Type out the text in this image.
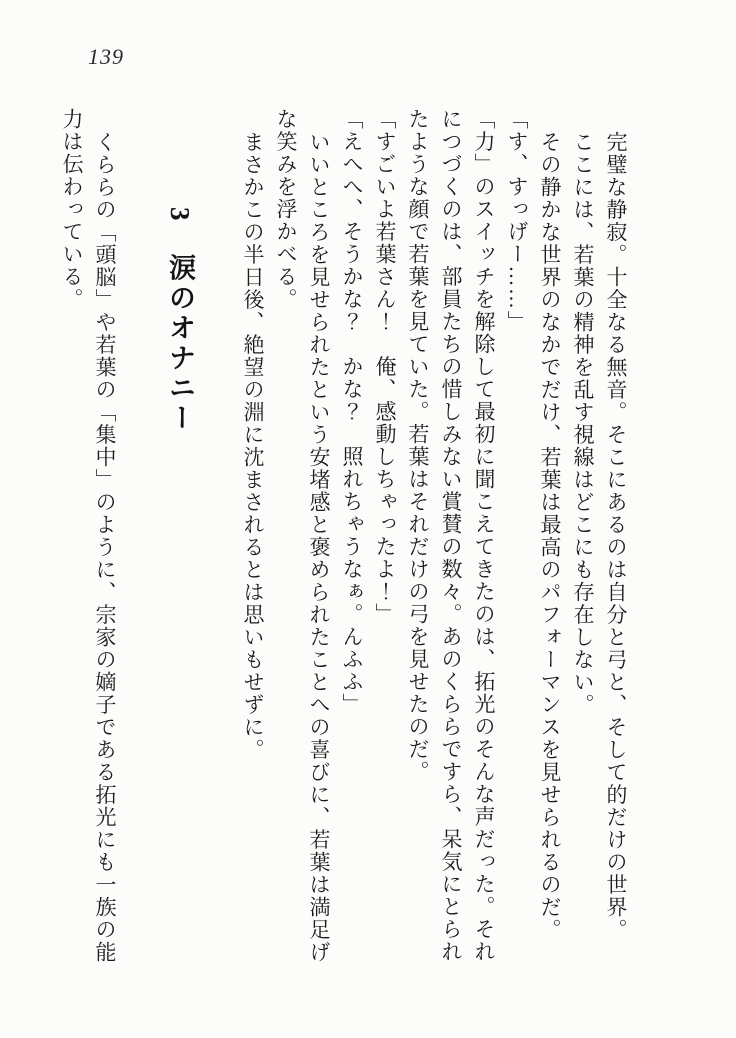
139

完璧な静寂。十全なる無音。そこにあるのは自分と弓と、そして的だけの世界。

ここには、若葉の精神を乱す視線はどこにも存在しない。

その静かな世界のなかでだけ、若葉は最高のパフォーマンスを見せられるのだ。

「す、すっげー……」

「力」のスイッチを解除して最初に聞こえてきたのは、拓光のそんな声だった。それにつづくのは、部員たちの惜しみない賞賛の数々。あのくららですら、呆気にとられたような顔で若葉を見ていた。若葉はそれだけの弓を見せたのだ。

「すごいよ若葉さん！　俺、感動しちゃったよ！」

「えへへ、そうかな？　かな？　照れちゃうなぁ。んふふ」

いいところを見せられたという安堵感と褒められたことへの喜びに、若葉は満足げな笑みを浮かべる。

まさかこの半日後、絶望の淵に沈まされるとは思いもせずに。

3　涙のオナニー

くららの「頭脳」や若葉の「集中」のように、宗家の嫡子である拓光にも一族の能力は伝わっている。
